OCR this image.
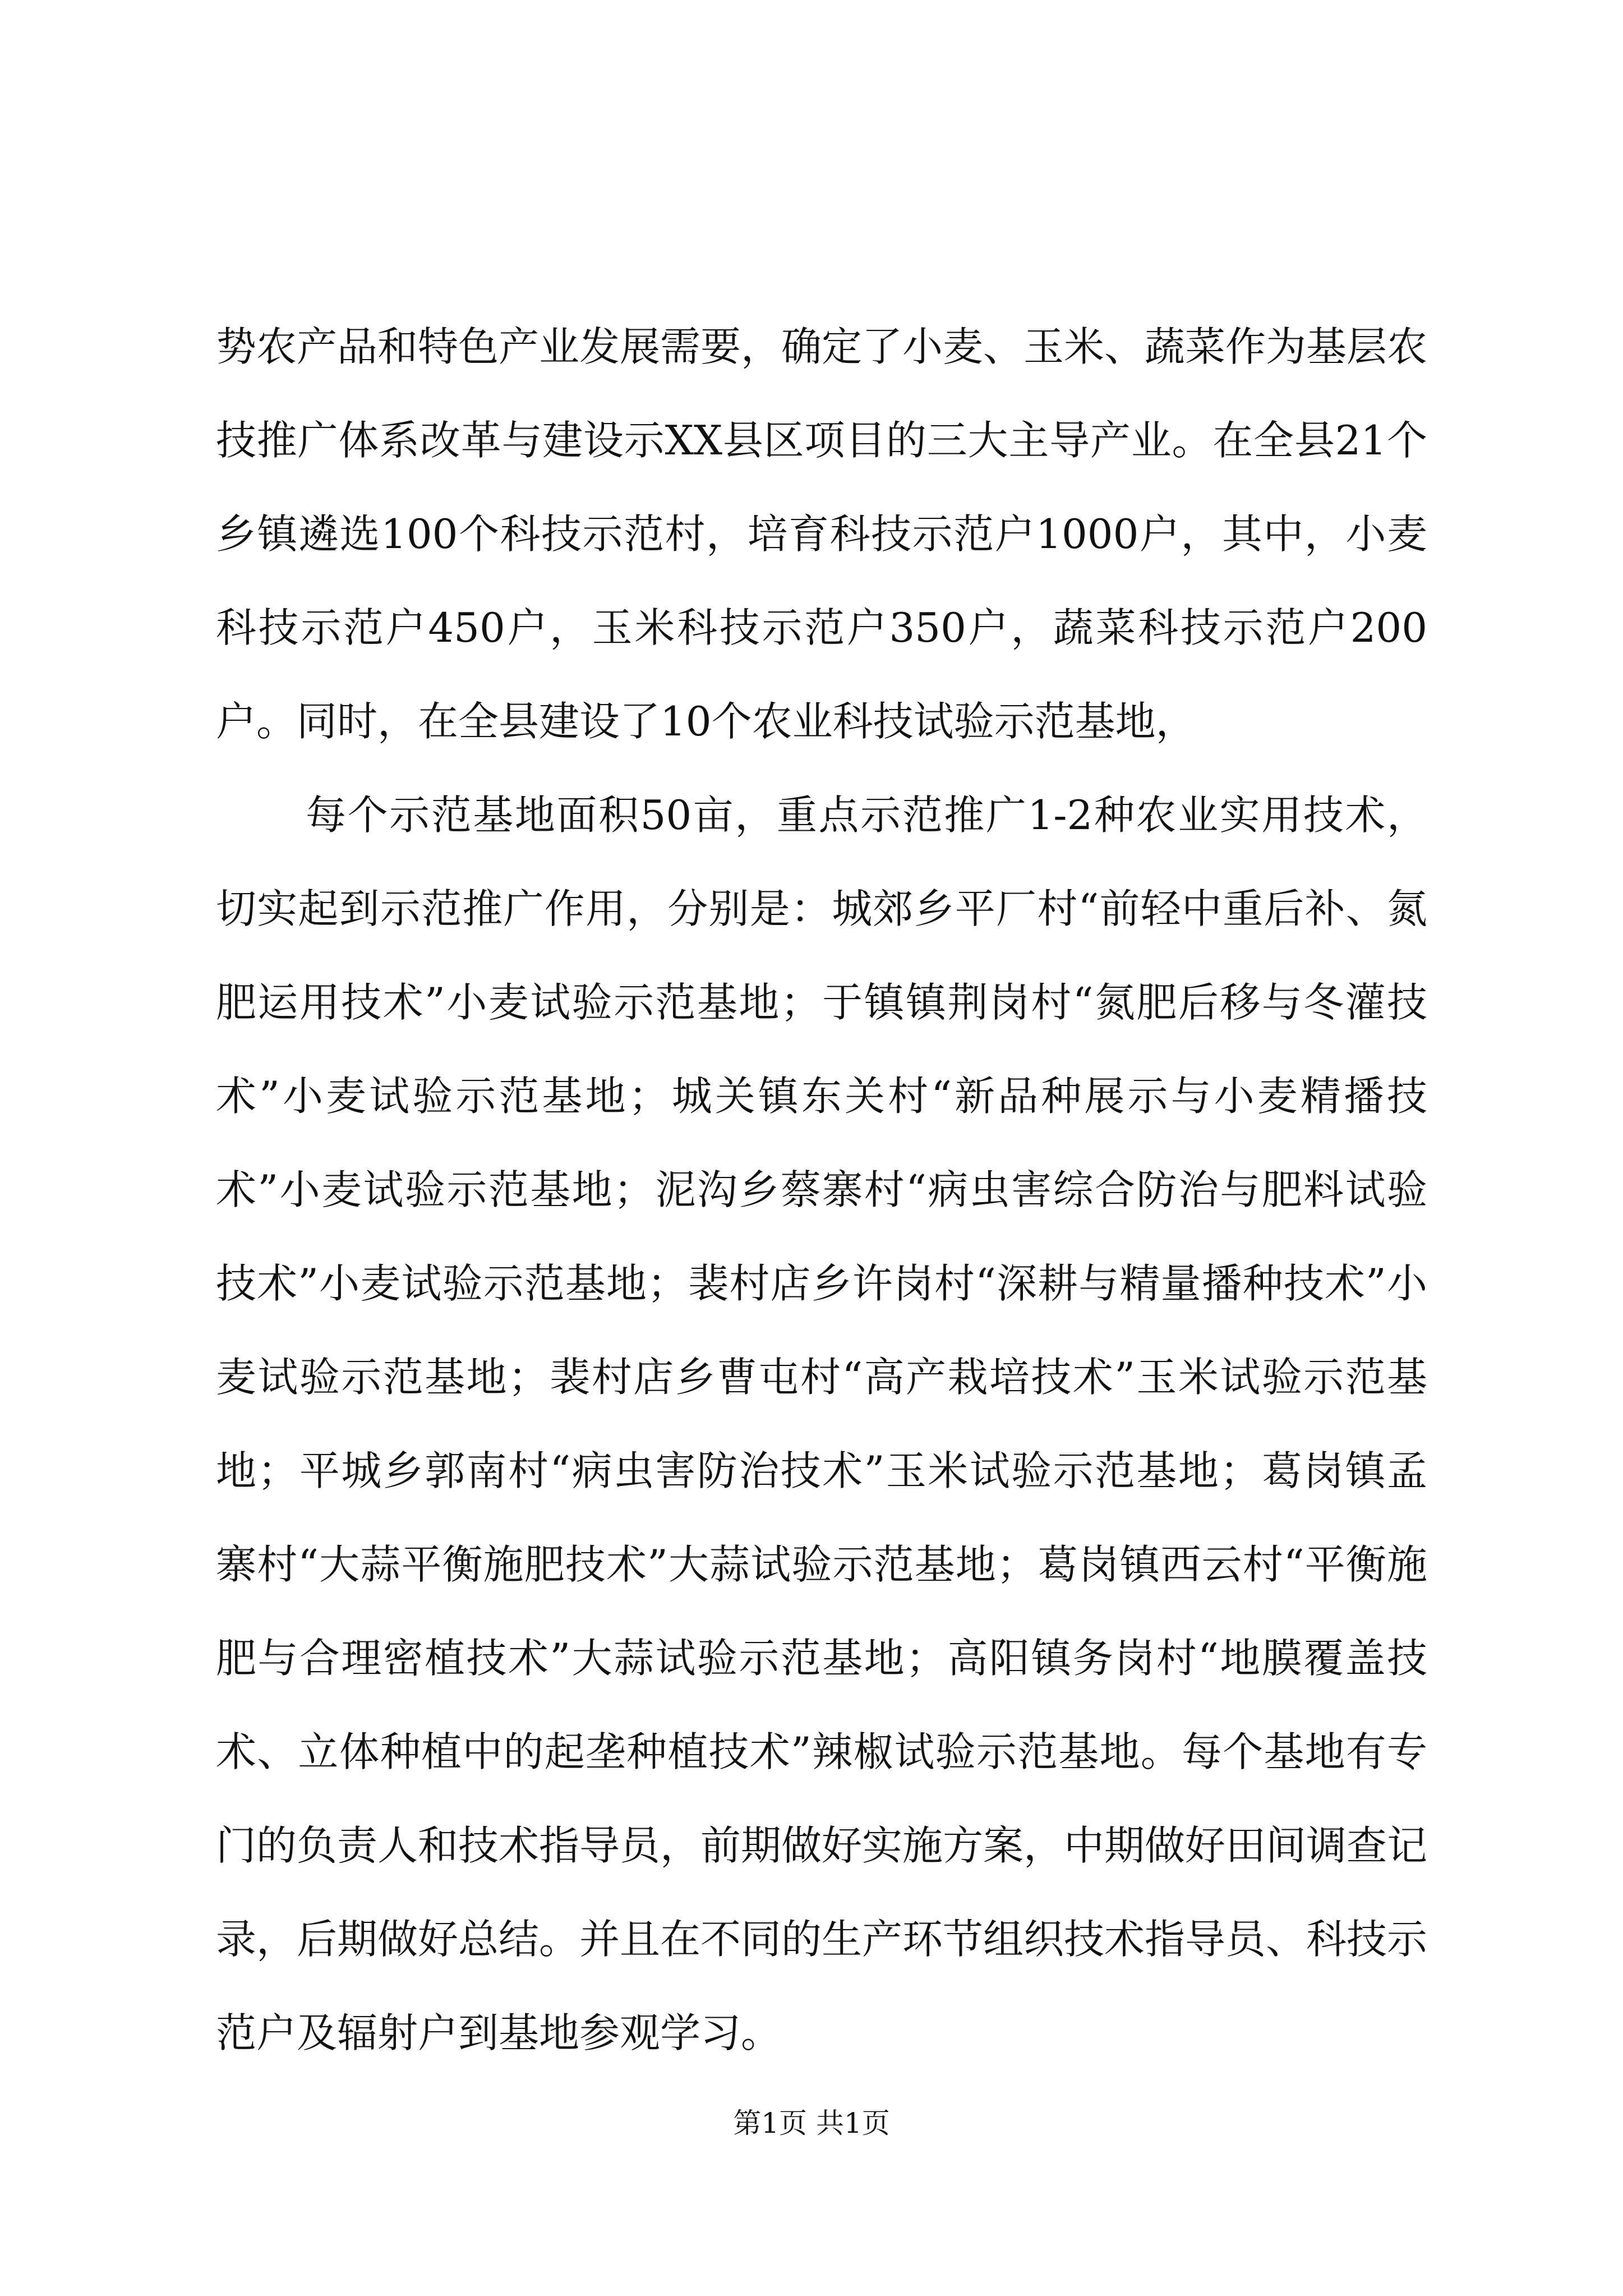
势农产品和特色产业发展需要，确定了小麦、玉米、蔬菜作为基层农技推广体系改革与建设示XX县区项目的三大主导产业。在全县21个乡镇遴选100个科技示范村，培育科技示范户1000户，其中，小麦科技示范户450户，玉米科技示范户350户，蔬菜科技示范户200户。同时，在全县建设了10个农业科技试验示范基地，

每个示范基地面积50亩，重点示范推广1-2种农业实用技术，切实起到示范推广作用，分别是：城郊乡平厂村“前轻中重后补、氮肥运用技术”小麦试验示范基地；于镇镇荆岗村“氮肥后移与冬灌技术”小麦试验示范基地；城关镇东关村“新品种展示与小麦精播技术”小麦试验示范基地；泥沟乡蔡寨村“病虫害综合防治与肥料试验技术”小麦试验示范基地；裴村店乡许岗村“深耕与精量播种技术”小麦试验示范基地；裴村店乡曹屯村“高产栽培技术”玉米试验示范基地；平城乡郭南村“病虫害防治技术”玉米试验示范基地；葛岗镇孟寨村“大蒜平衡施肥技术”大蒜试验示范基地；葛岗镇西云村“平衡施肥与合理密植技术”大蒜试验示范基地；高阳镇务岗村“地膜覆盖技术、立体种植中的起垄种植技术”辣椒试验示范基地。每个基地有专门的负责人和技术指导员，前期做好实施方案，中期做好田间调查记录，后期做好总结。并且在不同的生产环节组织技术指导员、科技示范户及辐射户到基地参观学习。

第1页 共1页
